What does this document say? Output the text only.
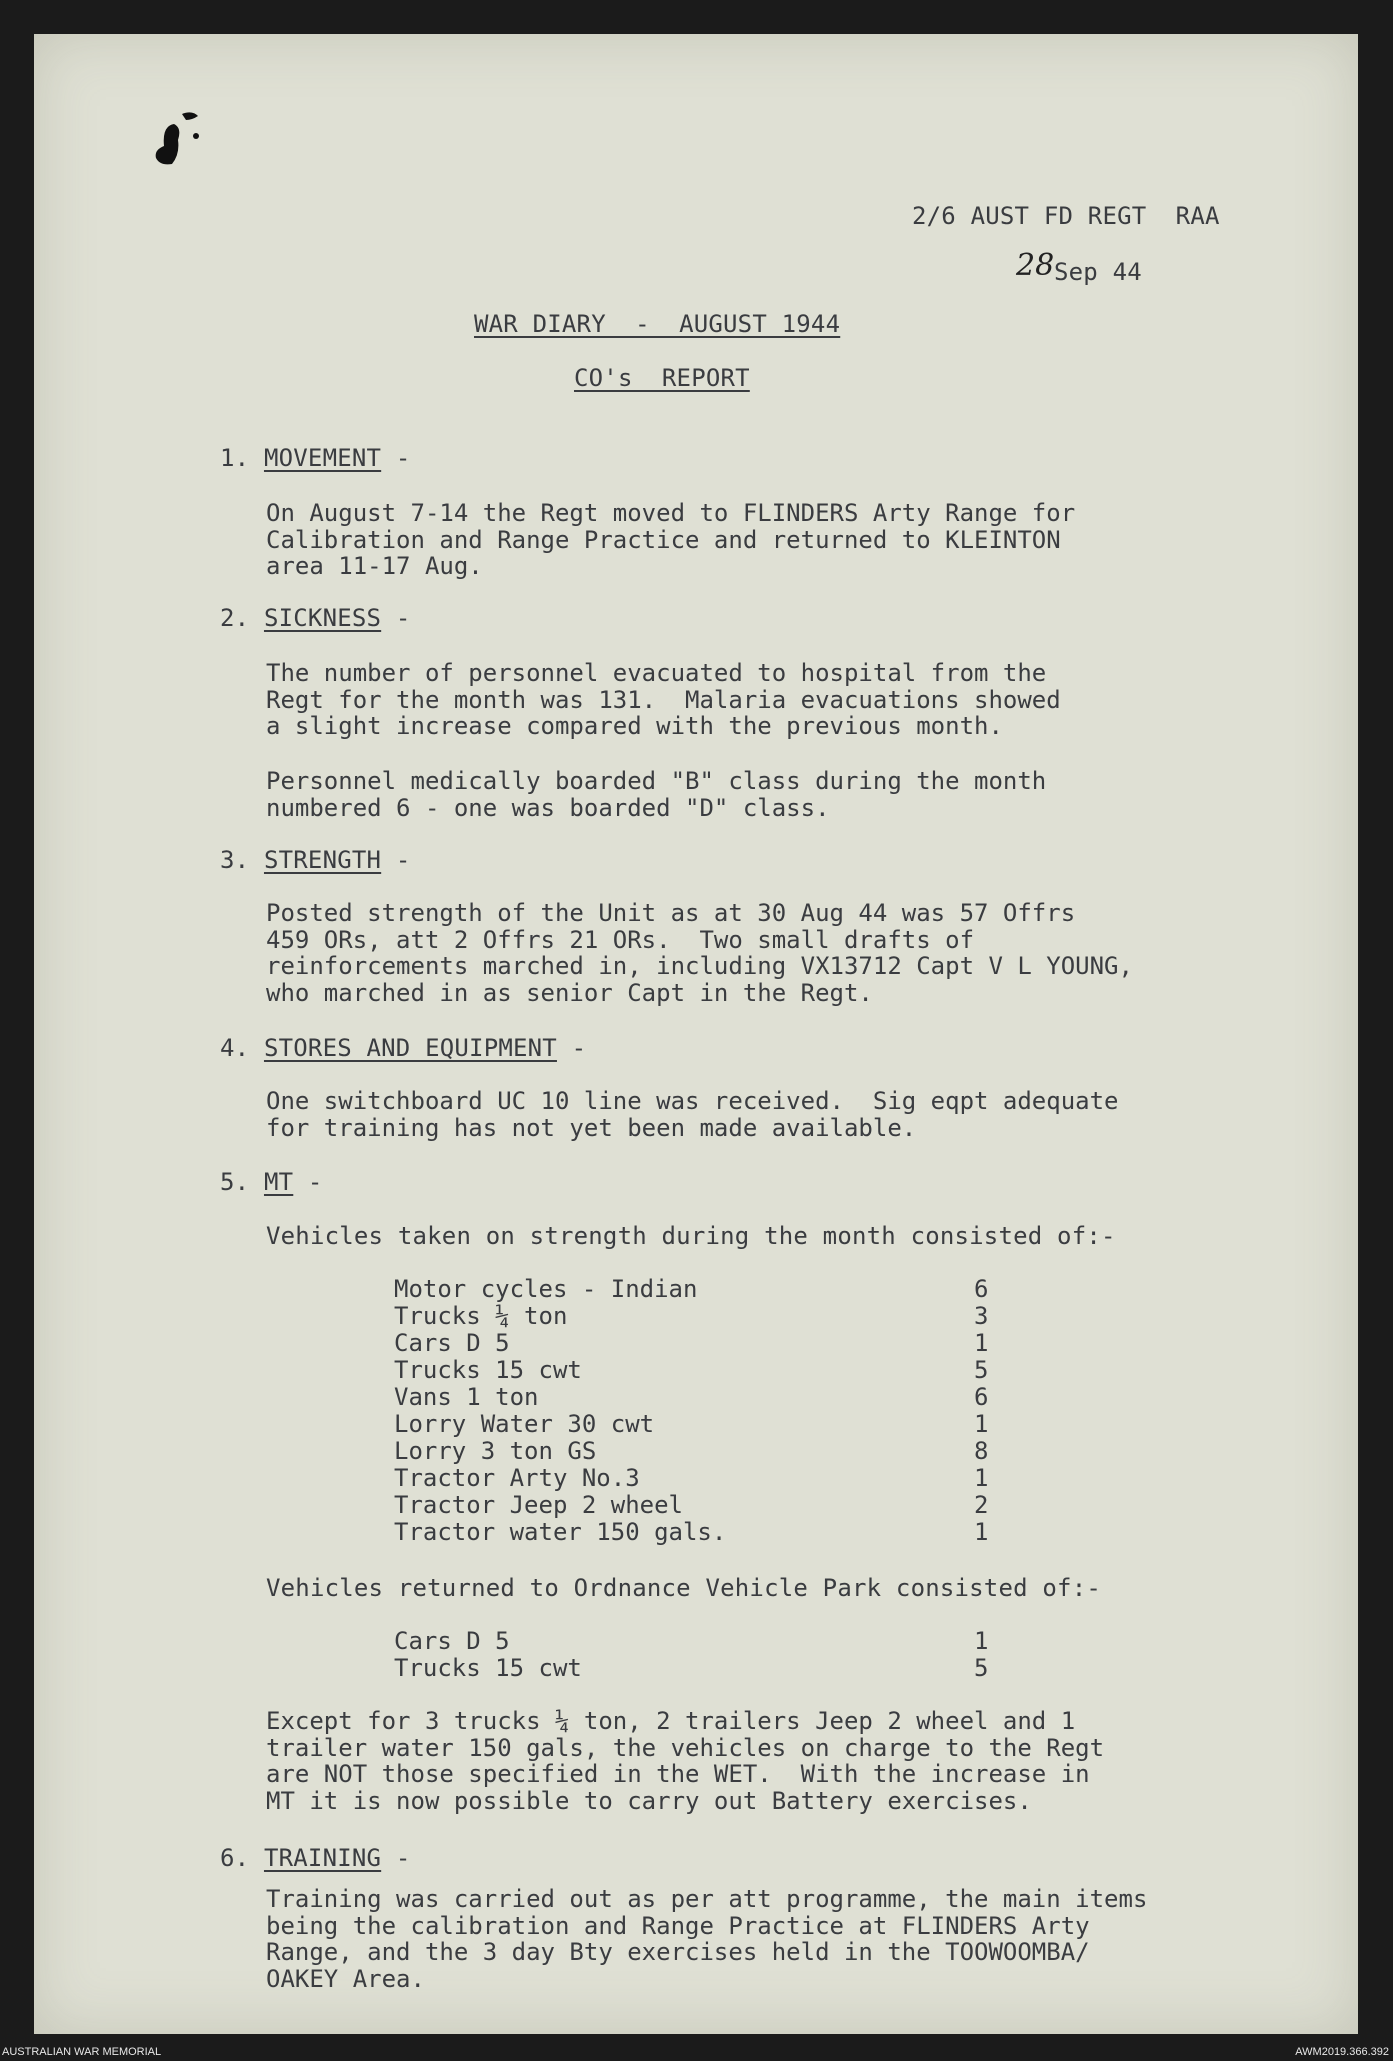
2/6 AUST FD REGT  RAA
28 Sep 44
WAR DIARY  -  AUGUST 1944
CO's  REPORT
1. MOVEMENT -
On August 7-14 the Regt moved to FLINDERS Arty Range for
Calibration and Range Practice and returned to KLEINTON
area 11-17 Aug.
2. SICKNESS -
The number of personnel evacuated to hospital from the
Regt for the month was 131.  Malaria evacuations showed
a slight increase compared with the previous month.
Personnel medically boarded "B" class during the month
numbered 6 - one was boarded "D" class.
3. STRENGTH -
Posted strength of the Unit as at 30 Aug 44 was 57 Offrs
459 ORs, att 2 Offrs 21 ORs.  Two small drafts of
reinforcements marched in, including VX13712 Capt V L YOUNG,
who marched in as senior Capt in the Regt.
4. STORES AND EQUIPMENT -
One switchboard UC 10 line was received.  Sig eqpt adequate
for training has not yet been made available.
5. MT -
Vehicles taken on strength during the month consisted of:-
Motor cycles - Indian	6
Trucks ¼ ton	3
Cars D 5	1
Trucks 15 cwt	5
Vans 1 ton	6
Lorry Water 30 cwt	1
Lorry 3 ton GS	8
Tractor Arty No.3	1
Tractor Jeep 2 wheel	2
Tractor water 150 gals.	1
Vehicles returned to Ordnance Vehicle Park consisted of:-
Cars D 5	1
Trucks 15 cwt	5
Except for 3 trucks ¼ ton, 2 trailers Jeep 2 wheel and 1
trailer water 150 gals, the vehicles on charge to the Regt
are NOT those specified in the WET.  With the increase in
MT it is now possible to carry out Battery exercises.
6. TRAINING -
Training was carried out as per att programme, the main items
being the calibration and Range Practice at FLINDERS Arty
Range, and the 3 day Bty exercises held in the TOOWOOMBA/
OAKEY Area.
AUSTRALIAN WAR MEMORIAL	AWM2019.366.392
